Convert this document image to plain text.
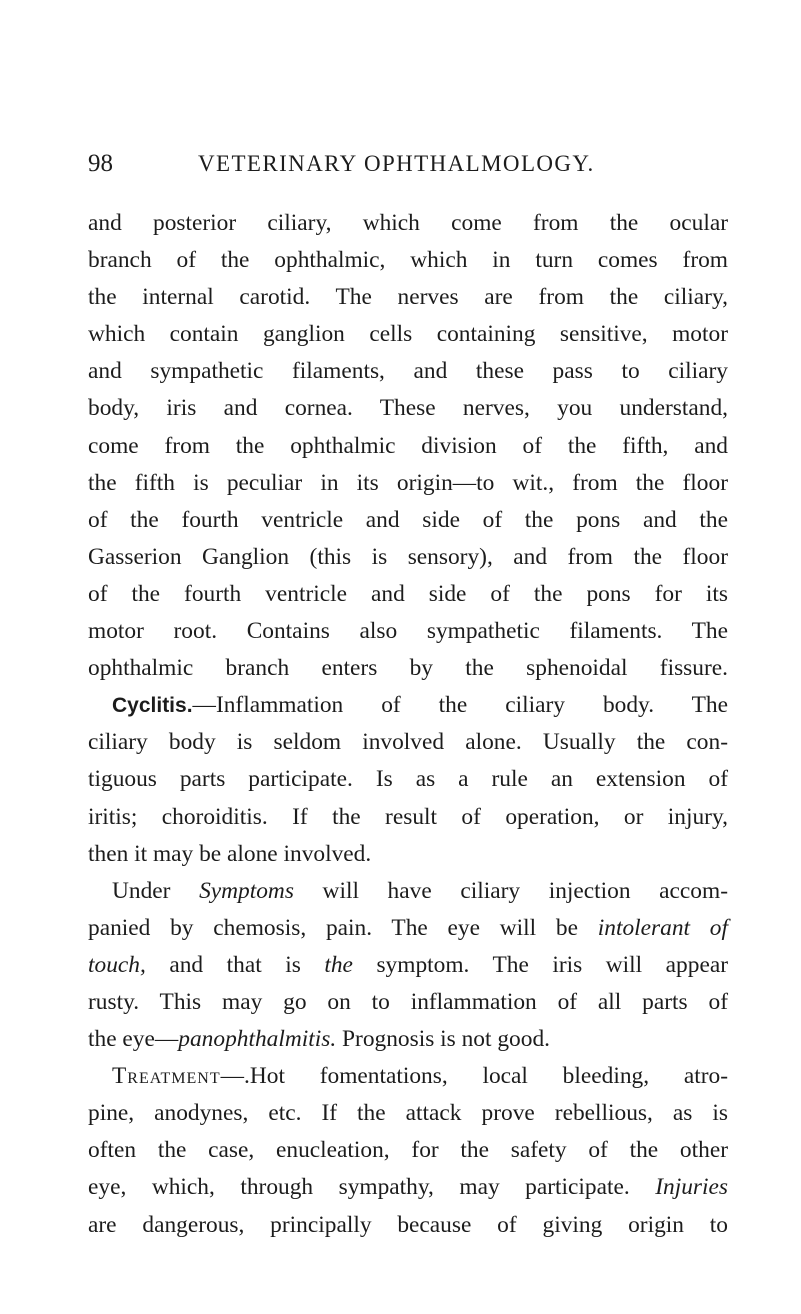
98	VETERINARY OPHTHALMOLOGY.
and posterior ciliary, which come from the ocular
branch of the ophthalmic, which in turn comes from
the internal carotid. The nerves are from the ciliary,
which contain ganglion cells containing sensitive, motor
and sympathetic filaments, and these pass to ciliary
body, iris and cornea. These nerves, you understand,
come from the ophthalmic division of the fifth, and
the fifth is peculiar in its origin—to wit., from the floor
of the fourth ventricle and side of the pons and the
Gasserion Ganglion (this is sensory), and from the floor
of the fourth ventricle and side of the pons for its
motor root. Contains also sympathetic filaments. The
ophthalmic branch enters by the sphenoidal fissure.
Cyclitis.—Inflammation of the ciliary body. The
ciliary body is seldom involved alone. Usually the con-
tiguous parts participate. Is as a rule an extension of
iritis; choroiditis. If the result of operation, or injury,
then it may be alone involved.
Under Symptoms will have ciliary injection accom-
panied by chemosis, pain. The eye will be intolerant of
touch, and that is the symptom. The iris will appear
rusty. This may go on to inflammation of all parts of
the eye—panophthalmitis. Prognosis is not good.
Treatment—.Hot fomentations, local bleeding, atro-
pine, anodynes, etc. If the attack prove rebellious, as is
often the case, enucleation, for the safety of the other
eye, which, through sympathy, may participate. Injuries
are dangerous, principally because of giving origin to
